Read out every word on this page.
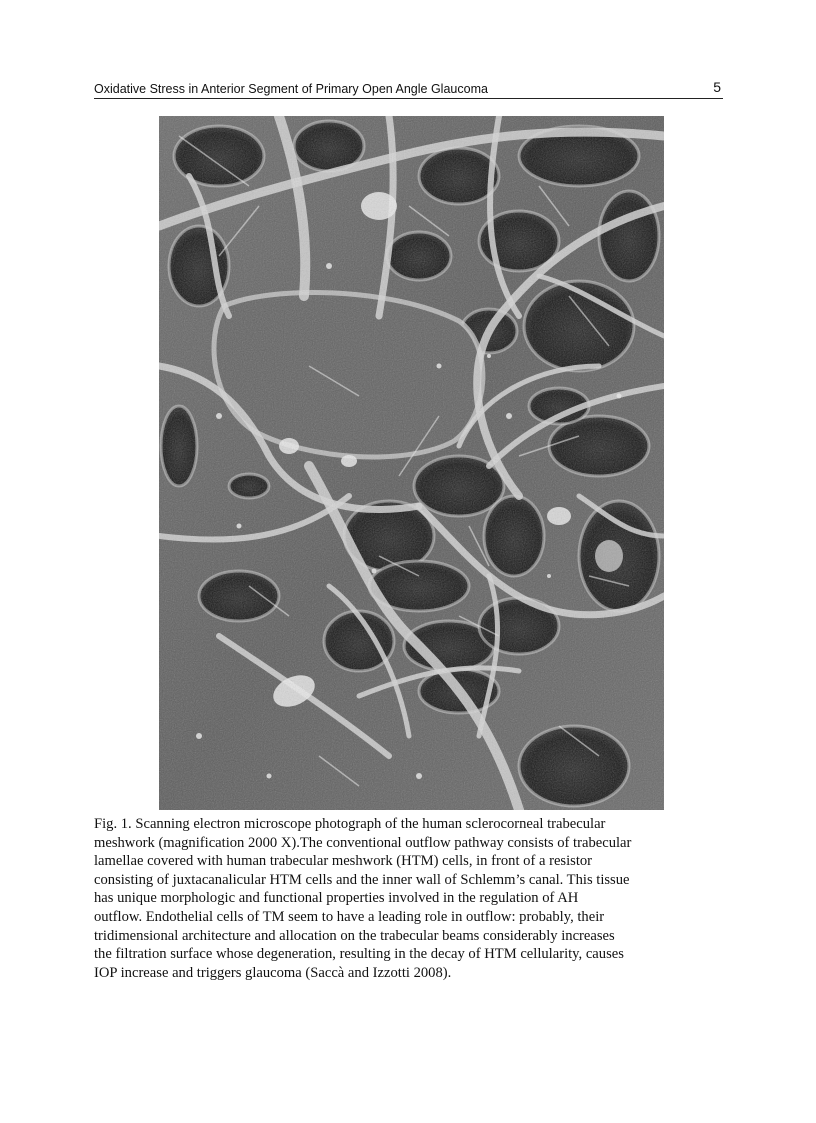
Oxidative Stress in Anterior Segment of Primary Open Angle Glaucoma	5
Fig. 1. Scanning electron microscope photograph of the human sclerocorneal trabecular
meshwork (magnification 2000 X).The conventional outflow pathway consists of trabecular
lamellae covered with human trabecular meshwork (HTM) cells, in front of a resistor
consisting of juxtacanalicular HTM cells and the inner wall of Schlemm’s canal. This tissue
has unique morphologic and functional properties involved in the regulation of AH
outflow. Endothelial cells of TM seem to have a leading role in outflow: probably, their
tridimensional architecture and allocation on the trabecular beams considerably increases
the filtration surface whose degeneration, resulting in the decay of HTM cellularity, causes
IOP increase and triggers glaucoma (Saccà and Izzotti 2008).
